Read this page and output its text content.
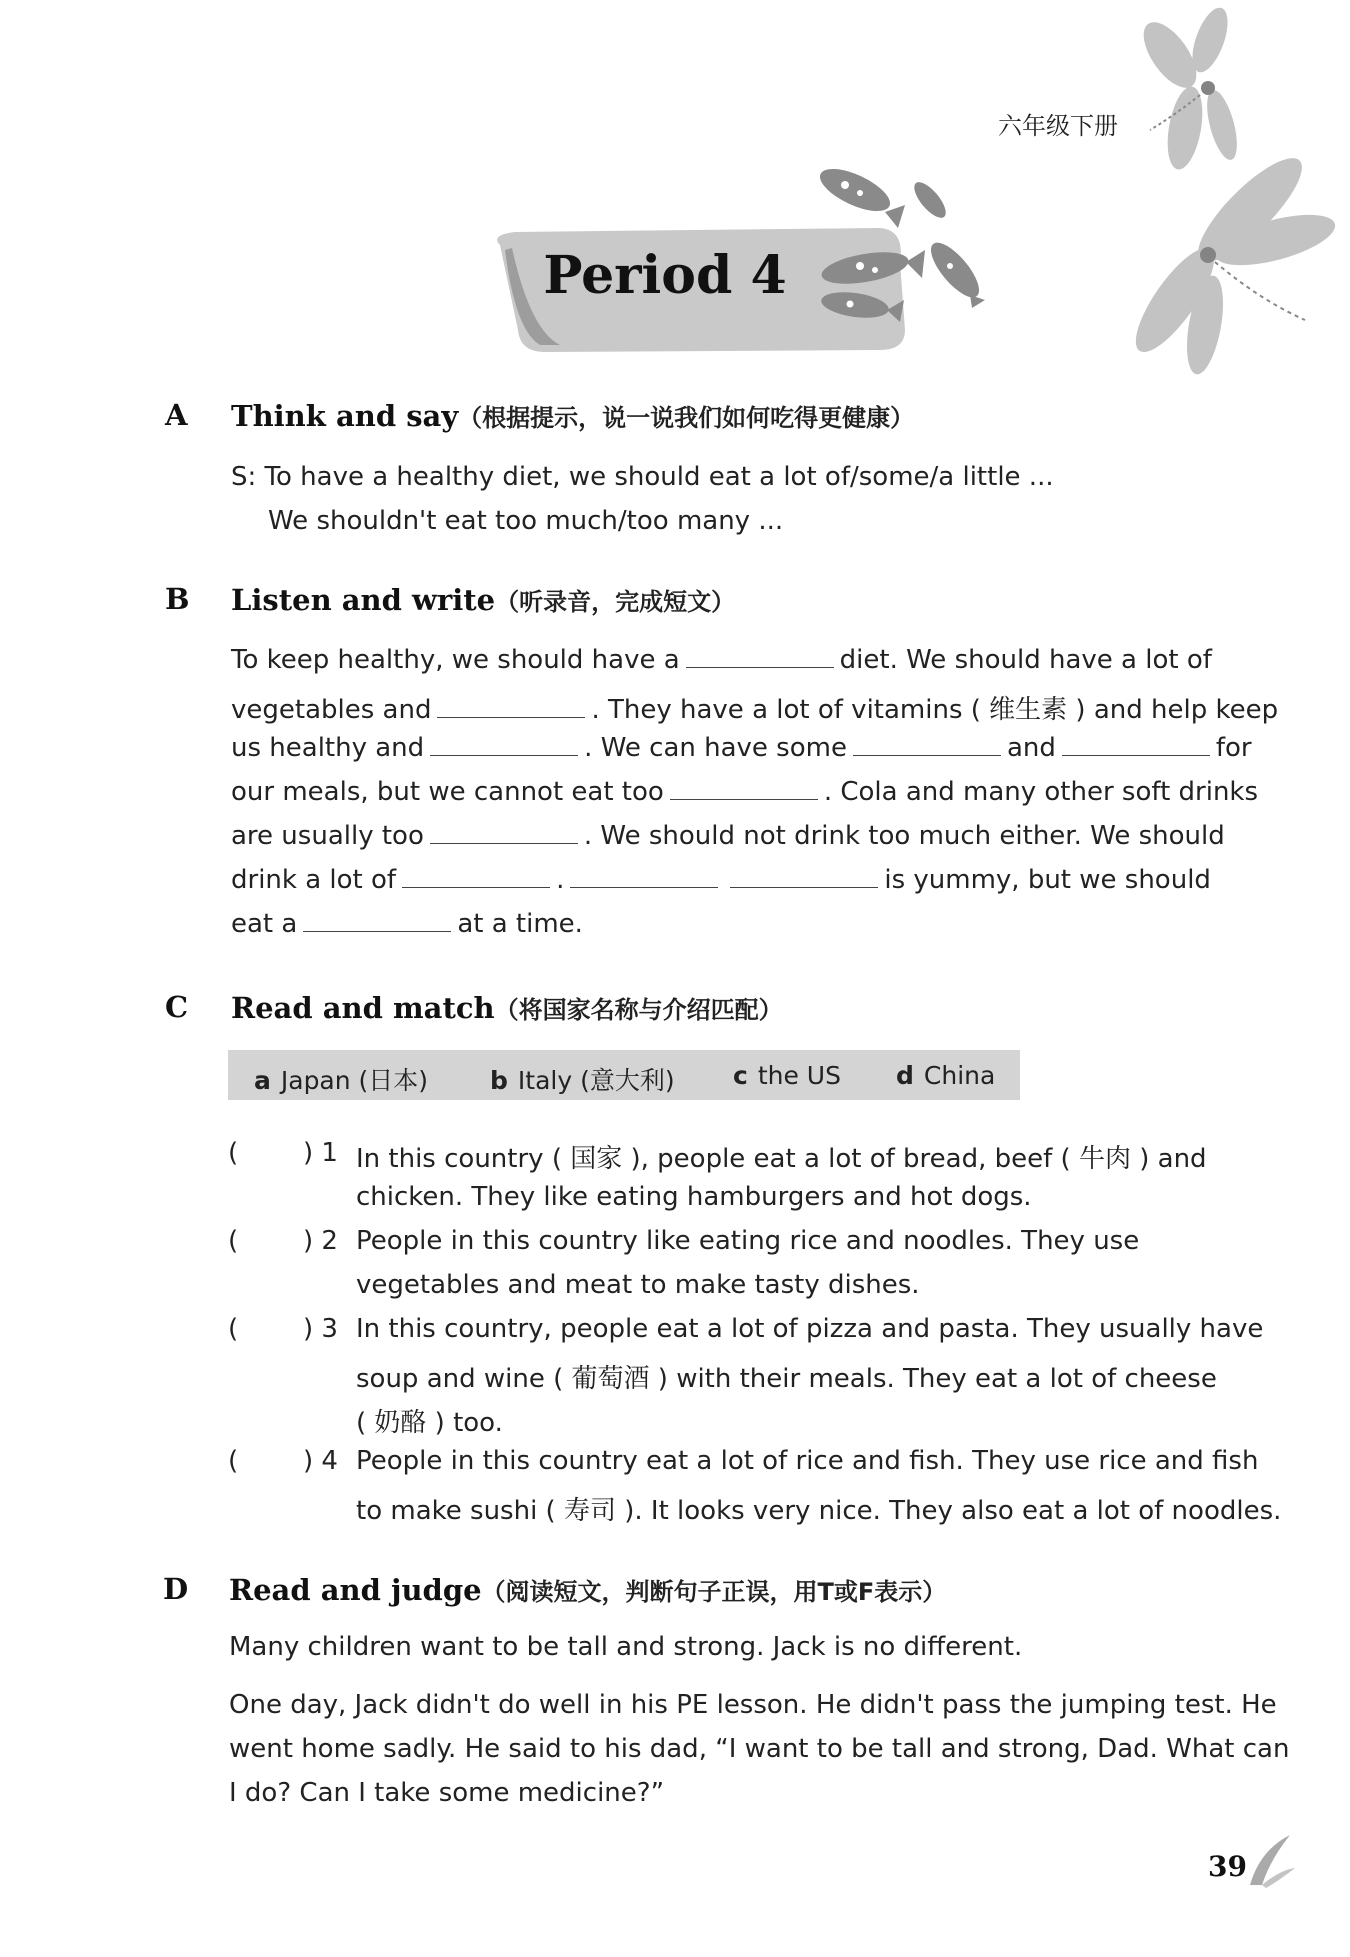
六年级下册
Period 4
A Think and say（根据提示，说一说我们如何吃得更健康）
S: To have a healthy diet, we should eat a lot of/some/a little ...
We shouldn't eat too much/too many ...
B Listen and write（听录音，完成短文）
To keep healthy, we should have a	diet. We should have a lot of
vegetables and	. They have a lot of vitamins ( 维生素 ) and help keep
us healthy and	. We can have some	and	for
our meals, but we cannot eat too	. Cola and many other soft drinks
are usually too	. We should not drink too much either. We should
drink a lot of	.	is yummy, but we should
eat a	at a time.
C Read and match（将国家名称与介绍匹配）
a Japan (日本) b Italy (意大利) c the US d China
( ) 1 In this country ( 国家 ), people eat a lot of bread, beef ( 牛肉 ) and
chicken. They like eating hamburgers and hot dogs.
( ) 2 People in this country like eating rice and noodles. They use
vegetables and meat to make tasty dishes.
( ) 3 In this country, people eat a lot of pizza and pasta. They usually have
soup and wine ( 葡萄酒 ) with their meals. They eat a lot of cheese
( 奶酪 ) too.
( ) 4 People in this country eat a lot of rice and fish. They use rice and fish
to make sushi ( 寿司 ). It looks very nice. They also eat a lot of noodles.
D Read and judge（阅读短文，判断句子正误，用T或F表示）
Many children want to be tall and strong. Jack is no different.
One day, Jack didn't do well in his PE lesson. He didn't pass the jumping test. He
went home sadly. He said to his dad, “I want to be tall and strong, Dad. What can
I do? Can I take some medicine?”
39
